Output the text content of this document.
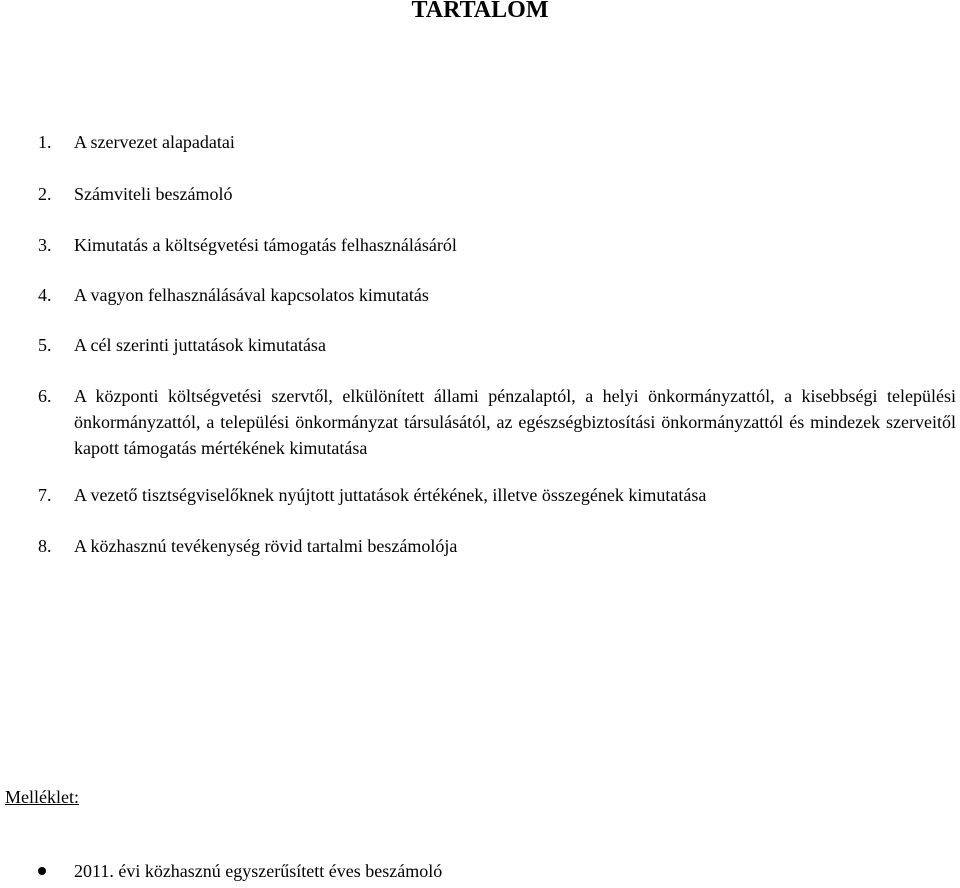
TARTALOM
1. A szervezet alapadatai
2. Számviteli beszámoló
3. Kimutatás a költségvetési támogatás felhasználásáról
4. A vagyon felhasználásával kapcsolatos kimutatás
5. A cél szerinti juttatások kimutatása
6. A központi költségvetési szervtől, elkülönített állami pénzalaptól, a helyi önkormányzattól, a kisebbségi települési önkormányzattól, a települési önkormányzat társulásától, az egészségbiztosítási önkormányzattól és mindezek szerveitől kapott támogatás mértékének kimutatása
7. A vezető tisztségviselőknek nyújtott juttatások értékének, illetve összegének kimutatása
8. A közhasznú tevékenység rövid tartalmi beszámolója
Melléklet:
2011. évi közhasznú egyszerűsített éves beszámoló
